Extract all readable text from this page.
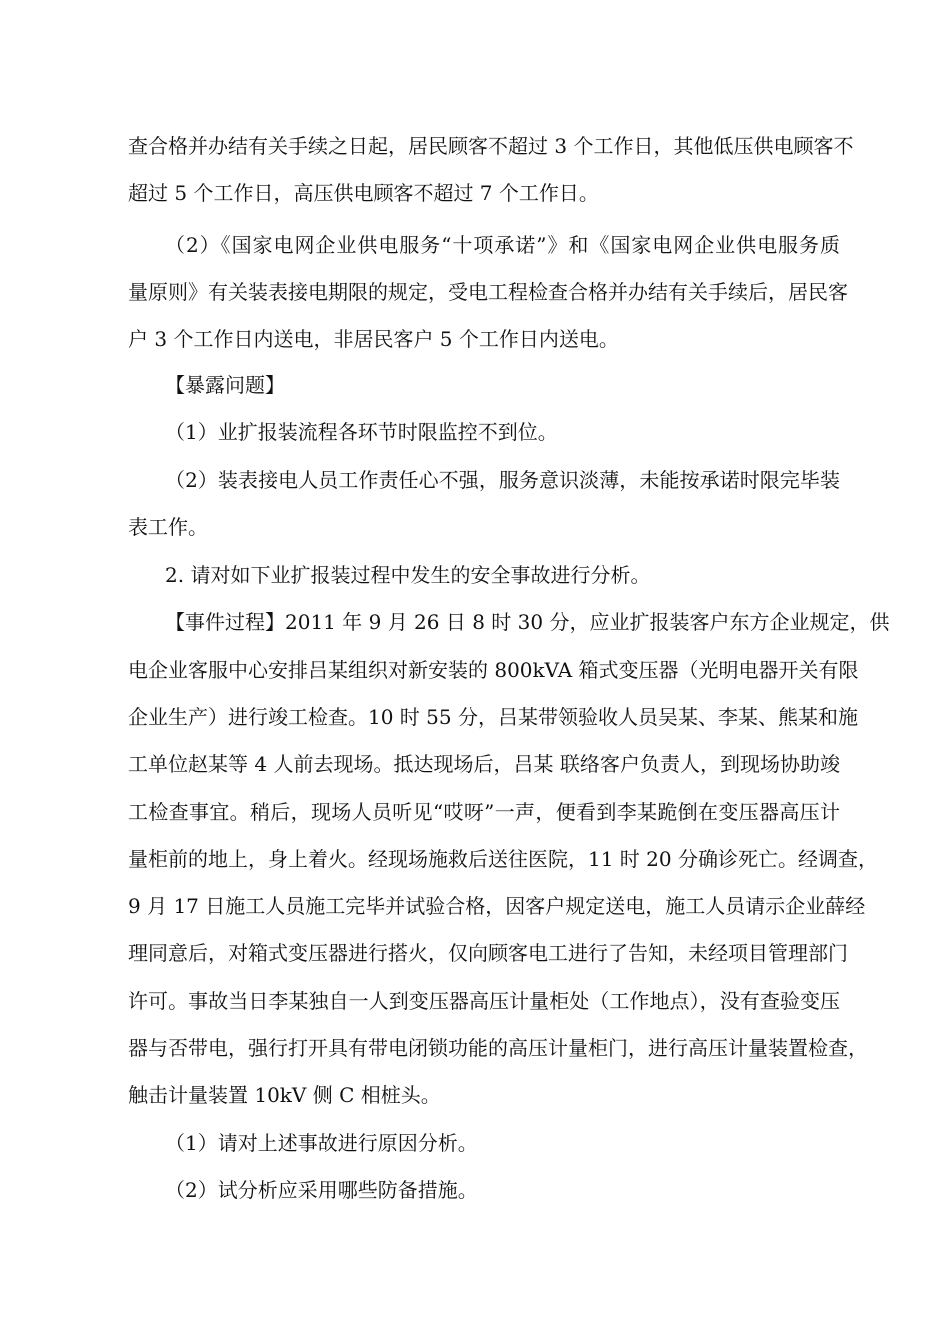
查合格并办结有关手续之日起，居民顾客不超过 3 个工作日，其他低压供电顾客不
超过 5 个工作日，高压供电顾客不超过 7 个工作日。
（2）《国家电网企业供电服务“十项承诺”》和《国家电网企业供电服务质
量原则》有关装表接电期限的规定，受电工程检查合格并办结有关手续后，居民客
户 3 个工作日内送电，非居民客户 5 个工作日内送电。
【暴露问题】
（1）业扩报装流程各环节时限监控不到位。
（2）装表接电人员工作责任心不强，服务意识淡薄，未能按承诺时限完毕装
表工作。
2. 请对如下业扩报装过程中发生的安全事故进行分析。
【事件过程】2011 年 9 月 26 日 8 时 30 分，应业扩报装客户东方企业规定，供
电企业客服中心安排吕某组织对新安装的 800kVA 箱式变压器（光明电器开关有限
企业生产）进行竣工检查。10 时 55 分，吕某带领验收人员吴某、李某、熊某和施
工单位赵某等 4 人前去现场。抵达现场后，吕某 联络客户负责人，到现场协助竣
工检查事宜。稍后，现场人员听见“哎呀”一声，便看到李某跪倒在变压器高压计
量柜前的地上，身上着火。经现场施救后送往医院，11 时 20 分确诊死亡。经调查，
9 月 17 日施工人员施工完毕并试验合格，因客户规定送电，施工人员请示企业薛经
理同意后，对箱式变压器进行搭火，仅向顾客电工进行了告知，未经项目管理部门
许可。事故当日李某独自一人到变压器高压计量柜处（工作地点），没有查验变压
器与否带电，强行打开具有带电闭锁功能的高压计量柜门，进行高压计量装置检查，
触击计量装置 10kV 侧 C 相桩头。
（1）请对上述事故进行原因分析。
（2）试分析应采用哪些防备措施。
